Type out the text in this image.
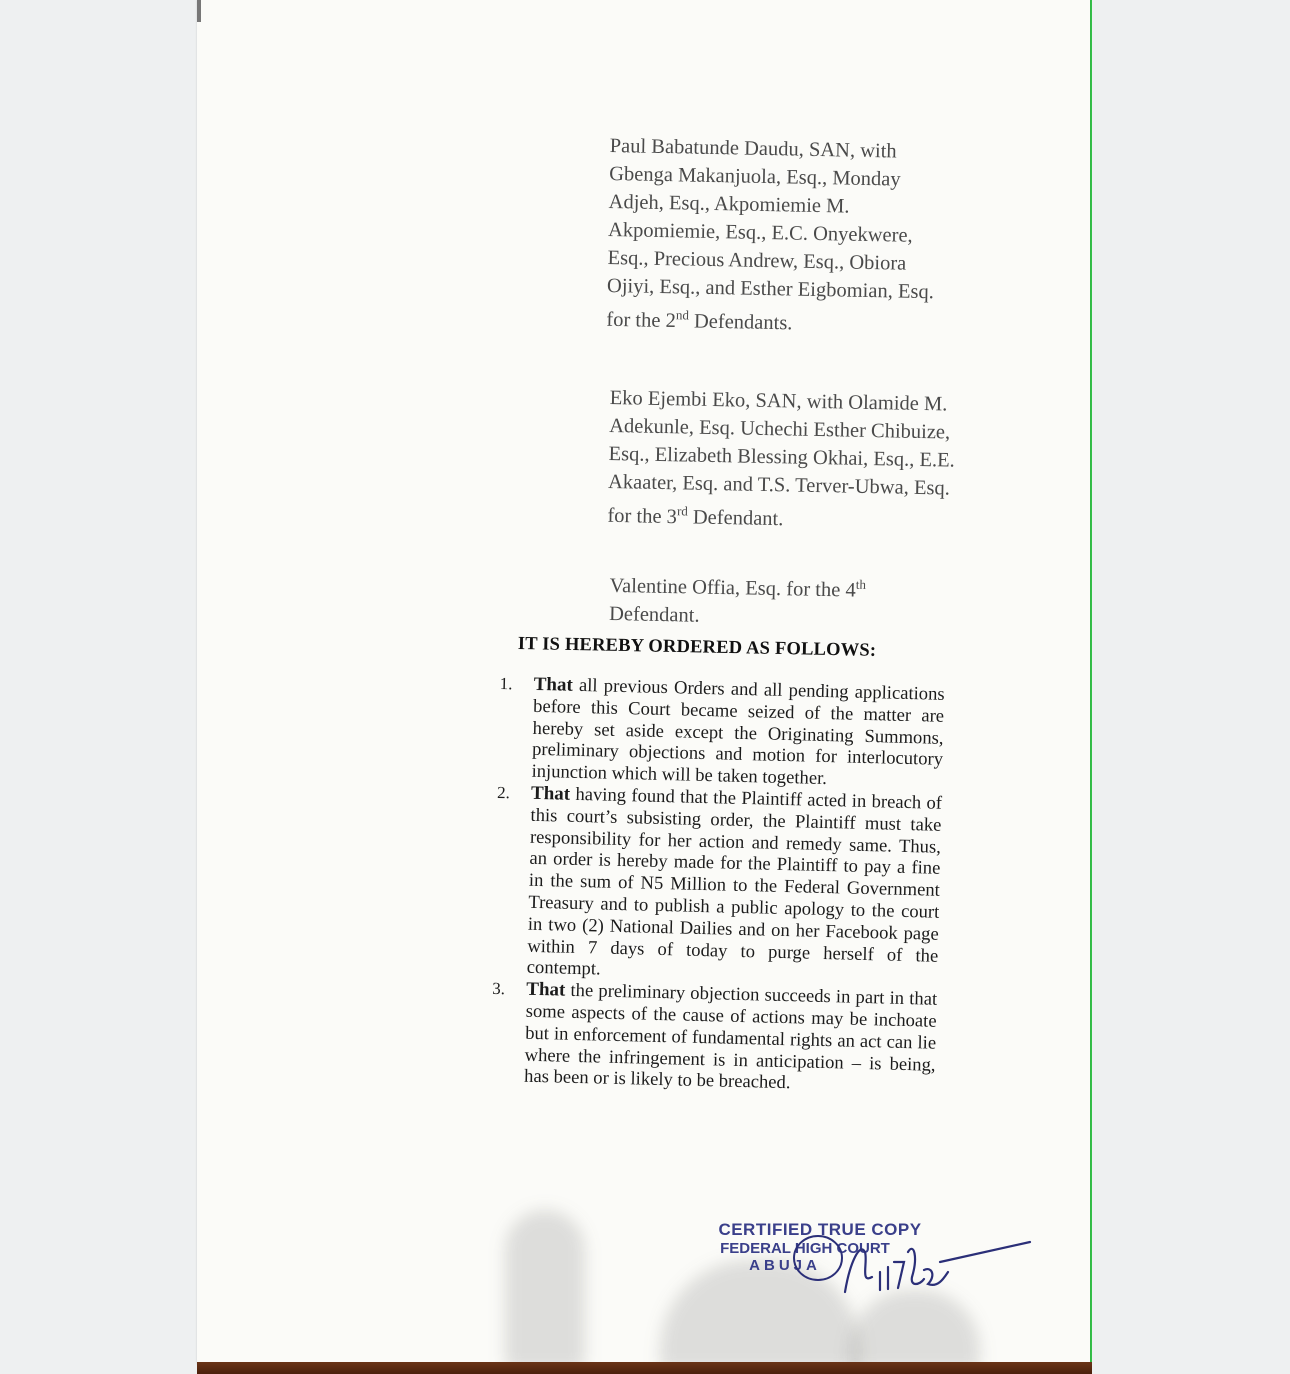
Paul Babatunde Daudu, SAN, with Gbenga Makanjuola, Esq., Monday Adjeh, Esq., Akpomiemie M. Akpomiemie, Esq., E.C. Onyekwere, Esq., Precious Andrew, Esq., Obiora Ojiyi, Esq., and Esther Eigbomian, Esq. for the 2nd Defendants.
Eko Ejembi Eko, SAN, with Olamide M. Adekunle, Esq. Uchechi Esther Chibuize, Esq., Elizabeth Blessing Okhai, Esq., E.E. Akaater, Esq. and T.S. Terver-Ubwa, Esq. for the 3rd Defendant.
Valentine Offia, Esq. for the 4th Defendant.
IT IS HEREBY ORDERED AS FOLLOWS:
1. That all previous Orders and all pending applications before this Court became seized of the matter are hereby set aside except the Originating Summons, preliminary objections and motion for interlocutory injunction which will be taken together.
2. That having found that the Plaintiff acted in breach of this court’s subsisting order, the Plaintiff must take responsibility for her action and remedy same. Thus, an order is hereby made for the Plaintiff to pay a fine in the sum of N5 Million to the Federal Government Treasury and to publish a public apology to the court in two (2) National Dailies and on her Facebook page within 7 days of today to purge herself of the contempt.
3. That the preliminary objection succeeds in part in that some aspects of the cause of actions may be inchoate but in enforcement of fundamental rights an act can lie where the infringement is in anticipation – is being, has been or is likely to be breached.
CERTIFIED TRUE COPY
FEDERAL HIGH COURT
ABUJA
